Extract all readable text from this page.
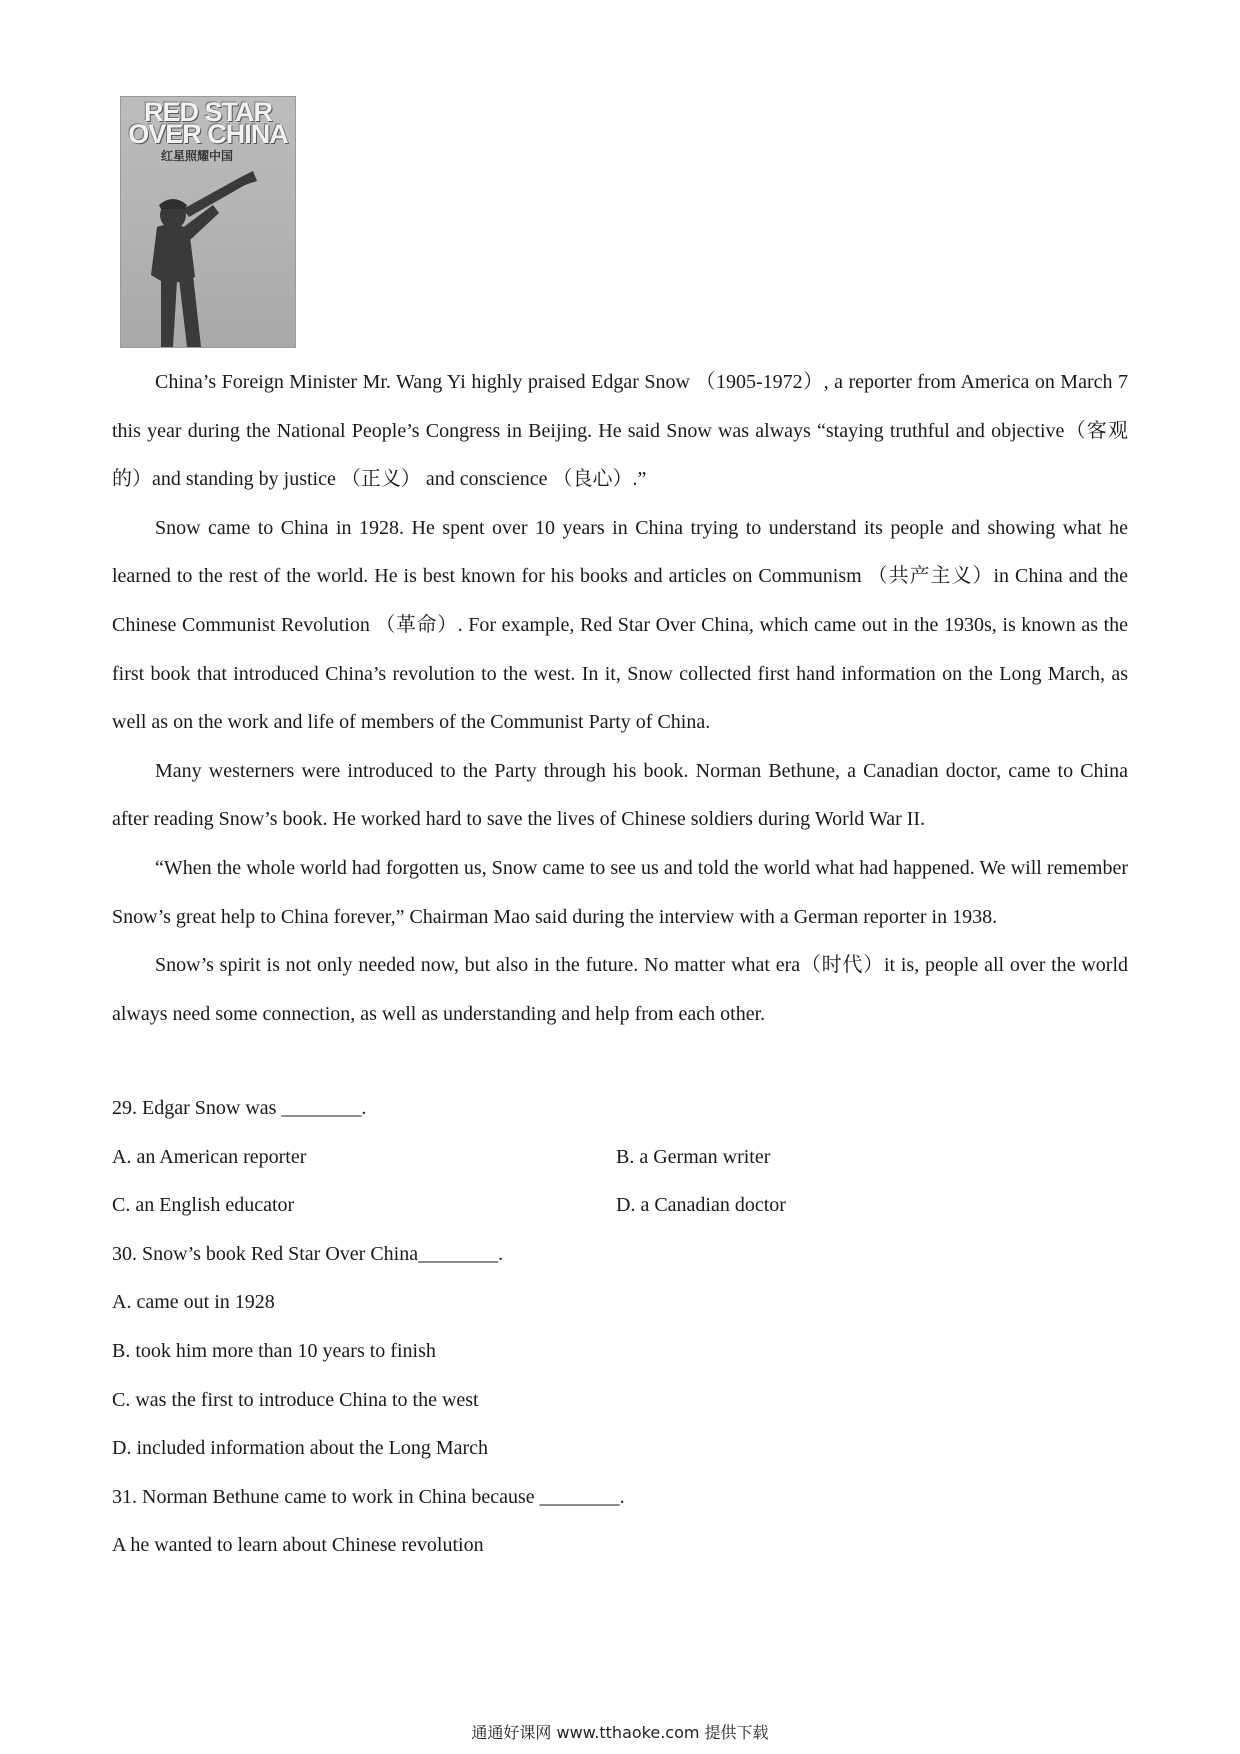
RED STAR
OVER CHINA
红星照耀中国

China’s Foreign Minister Mr. Wang Yi highly praised Edgar Snow （1905-1972）, a reporter from America on March 7 this year during the National People’s Congress in Beijing. He said Snow was always “staying truthful and objective（客观的）and standing by justice （正义） and conscience （良心）.”

Snow came to China in 1928. He spent over 10 years in China trying to understand its people and showing what he learned to the rest of the world. He is best known for his books and articles on Communism （共产主义）in China and the Chinese Communist Revolution （革命）. For example, Red Star Over China, which came out in the 1930s, is known as the first book that introduced China’s revolution to the west. In it, Snow collected first hand information on the Long March, as well as on the work and life of members of the Communist Party of China.

Many westerners were introduced to the Party through his book. Norman Bethune, a Canadian doctor, came to China after reading Snow’s book. He worked hard to save the lives of Chinese soldiers during World War II.

“When the whole world had forgotten us, Snow came to see us and told the world what had happened. We will remember Snow’s great help to China forever,” Chairman Mao said during the interview with a German reporter in 1938.

Snow’s spirit is not only needed now, but also in the future. No matter what era（时代）it is, people all over the world always need some connection, as well as understanding and help from each other.

29. Edgar Snow was ________.
A. an American reporter	B. a German writer
C. an English educator	D. a Canadian doctor
30. Snow’s book Red Star Over China________.
A. came out in 1928
B. took him more than 10 years to finish
C. was the first to introduce China to the west
D. included information about the Long March
31. Norman Bethune came to work in China because ________.
A he wanted to learn about Chinese revolution
通通好课网 www.tthaoke.com 提供下载
